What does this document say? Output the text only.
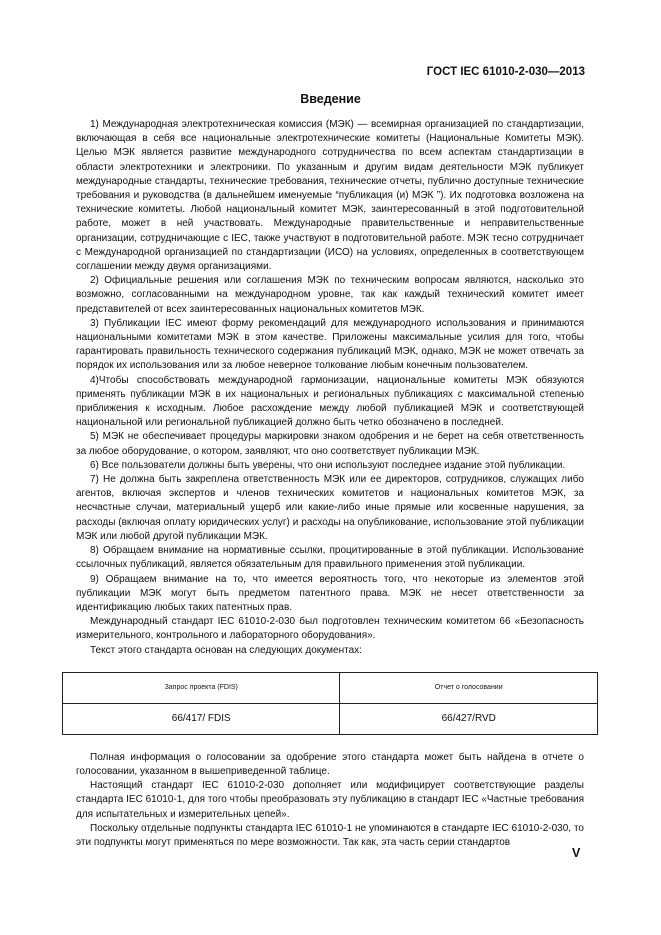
ГОСТ IEC 61010-2-030—2013
Введение

1) Международная электротехническая комиссия (МЭК) — всемирная организацией по стандартизации, включающая в себя все национальные электротехнические комитеты (Национальные Комитеты МЭК). Целью МЭК является развитие международного сотрудничества по всем аспектам стандартизации в области электротехники и электроники. По указанным и другим видам деятельности МЭК публикует международные стандарты, технические требования, технические отчеты, публично доступные технические требования и руководства (в дальнейшем именуемые “публикация (и) МЭК ”). Их подготовка возложена на технические комитеты. Любой национальный комитет МЭК, заинтересованный в этой подготовительной работе, может в ней участвовать. Международные правительственные и неправительственные организации, сотрудничающие с IEC, также участвуют в подготовительной работе. МЭК тесно сотрудничает с Международной организацией по стандартизации (ИСО) на условиях, определенных в соответствующем соглашении между двумя организациями.

2) Официальные решения или соглашения МЭК по техническим вопросам являются, насколько это возможно, согласованными на международном уровне, так как каждый технический комитет имеет представителей от всех заинтересованных национальных комитетов МЭК.

3) Публикации IEC имеют форму рекомендаций для международного использования и принимаются национальными комитетами МЭК в этом качестве. Приложены максимальные усилия для того, чтобы гарантировать правильность технического содержания публикаций МЭК, однако, МЭК не может отвечать за порядок их использования или за любое неверное толкование любым конечным пользователем.

4)Чтобы способствовать международной гармонизации, национальные комитеты МЭК обязуются применять публикации МЭК в их национальных и региональных публикациях с максимальной степенью приближения к исходным. Любое расхождение между любой публикацией МЭК и соответствующей национальной или региональной публикацией должно быть четко обозначено в последней.

5) МЭК не обеспечивает процедуры маркировки знаком одобрения и не берет на себя ответственность за любое оборудование, о котором, заявляют, что оно соответствует публикации МЭК.

6) Все пользователи должны быть уверены, что они используют последнее издание этой публикации.

7) Не должна быть закреплена ответственность МЭК или ее директоров, сотрудников, служащих либо агентов, включая экспертов и членов технических комитетов и национальных комитетов МЭК, за несчастные случаи, материальный ущерб или какие-либо иные прямые или косвенные нарушения, за расходы (включая оплату юридических услуг) и расходы на опубликование, использование этой публикации МЭК или любой другой публикации МЭК.

8) Обращаем внимание на нормативные ссылки, процитированные в этой публикации. Использование ссылочных публикаций, является обязательным для правильного применения этой публикации.

9) Обращаем внимание на то, что имеется вероятность того, что некоторые из элементов этой публикации МЭК могут быть предметом патентного права. МЭК не несет ответственности за идентификацию любых таких патентных прав.

Международный стандарт IEC 61010-2-030 был подготовлен техническим комитетом 66 «Безопасность измерительного, контрольного и лабораторного оборудования».

Текст этого стандарта основан на следующих документах:

Запрос проекта (FDIS)	Отчет о голосовании
66/417/ FDIS	66/427/RVD

Полная информация о голосовании за одобрение этого стандарта может быть найдена в отчете о голосовании, указанном в вышеприведенной таблице.

Настоящий стандарт IEC 61010-2-030 дополняет или модифицирует соответствующие разделы стандарта IEC 61010-1, для того чтобы преобразовать эту публикацию в стандарт IEC «Частные требования для испытательных и измерительных цепей».

Поскольку отдельные подпункты стандарта IEC 61010-1 не упоминаются в стандарте IEC 61010-2-030, то эти подпункты могут применяться по мере возможности. Так как, эта часть серии стандартов

V
